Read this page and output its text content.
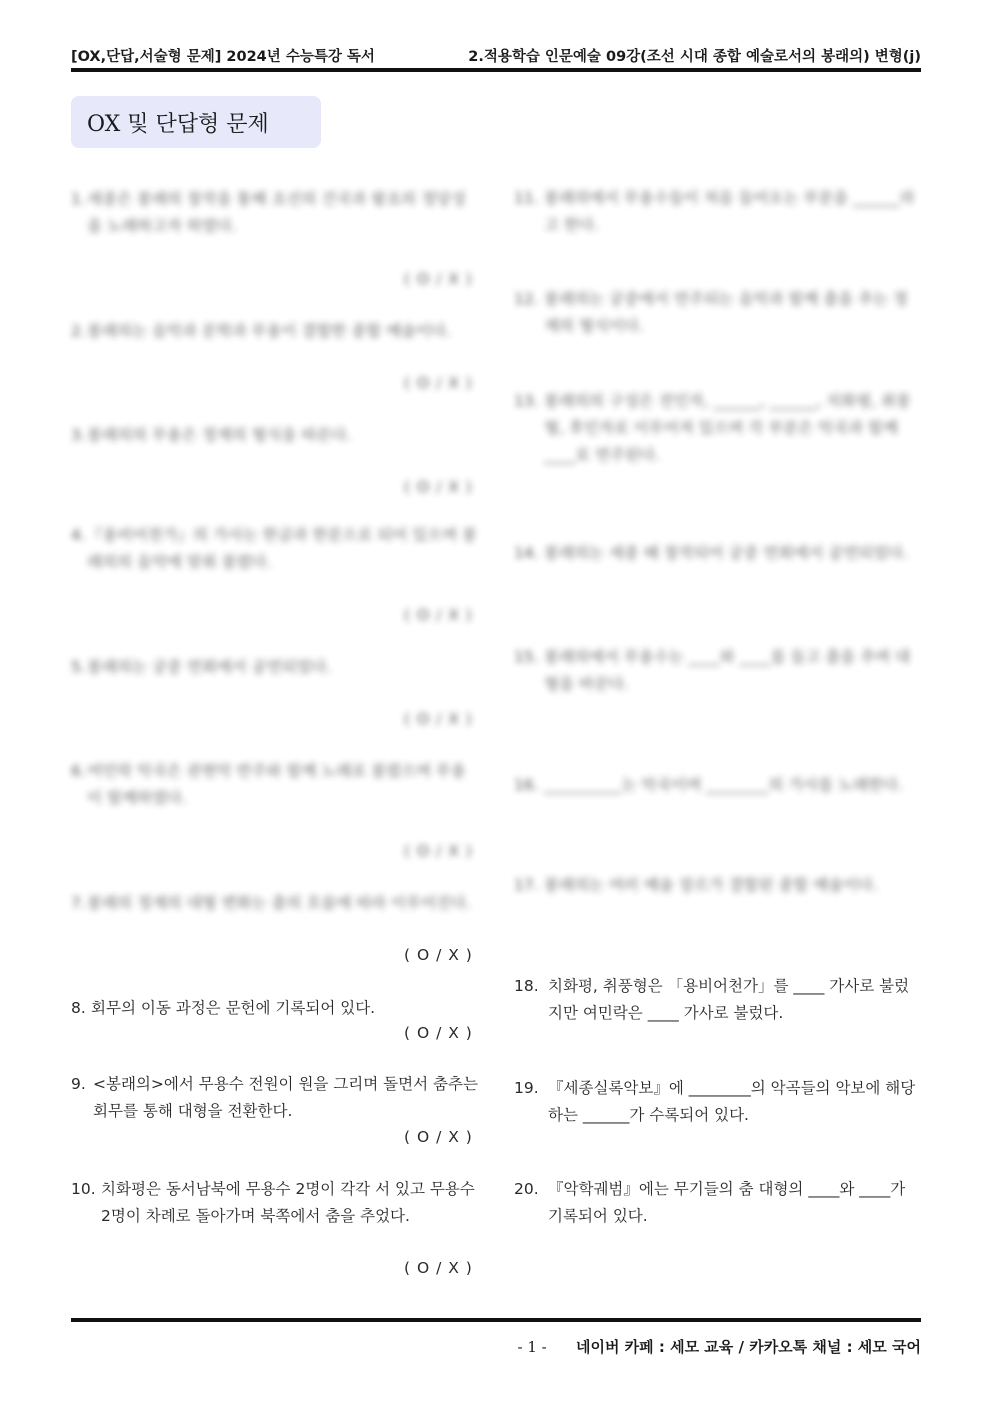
[OX,단답,서술형 문제] 2024년 수능특강 독서	2.적용학습 인문예술 09강(조선 시대 종합 예술로서의 봉래의) 변형(j)
OX 및 단답형 문제
1. 세종은 봉래의 창작을 통해 조선의 건국과 왕조의 정당성을 노래하고자 하였다.
( O / X )
2. 봉래의는 음악과 문학과 무용이 결합한 종합 예술이다.
( O / X )
3. 봉래의의 무용은 정재의 형식을 따른다.
( O / X )
4. 『용비어천가』의 가사는 한글과 한문으로 되어 있으며 봉래의의 음악에 맞춰 불렸다.
( O / X )
5. 봉래의는 궁중 연회에서 공연되었다.
( O / X )
6. 여민락 악곡은 관현악 반주와 함께 노래로 불렸으며 무용이 함께하였다.
( O / X )
7. 봉래의 정재의 대형 변화는 춤의 흐름에 따라 이루어진다.
( O / X )
8. 회무의 이동 과정은 문헌에 기록되어 있다.
( O / X )
9. <봉래의>에서 무용수 전원이 원을 그리며 돌면서 춤추는 회무를 통해 대형을 전환한다.
( O / X )
10. 치화평은 동서남북에 무용수 2명이 각각 서 있고 무용수 2명이 차례로 돌아가며 북쪽에서 춤을 추었다.
( O / X )
11. 봉래의에서 무용수들이 처음 들어오는 부분을 ______라고 한다.
12. 봉래의는 궁중에서 연주되는 음악과 함께 춤을 추는 정재의 형식이다.
13. 봉래의의 구성은 전인자, ______, ______, 치화평, 취풍형, 후인자로 이루어져 있으며 각 부분은 악곡과 함께 ____로 연주된다.
14. 봉래의는 세종 때 창작되어 궁중 연회에서 공연되었다.
15. 봉래의에서 무용수는 ____와 ____를 들고 춤을 추며 대형을 바꾼다.
16. __________는 악곡이며 ________의 가사를 노래한다.
17. 봉래의는 여러 예술 장르가 결합된 종합 예술이다.
18. 치화평, 취풍형은 「용비어천가」를 ____ 가사로 불렀지만 여민락은 ____ 가사로 불렀다.
19. 『세종실록악보』에 ________의 악곡들의 악보에 해당하는 ______가 수록되어 있다.
20. 『악학궤범』에는 무기들의 춤 대형의 ____와 ____가 기록되어 있다.
- 1 - 네이버 카페 : 세모 교육 / 카카오톡 채널 : 세모 국어
